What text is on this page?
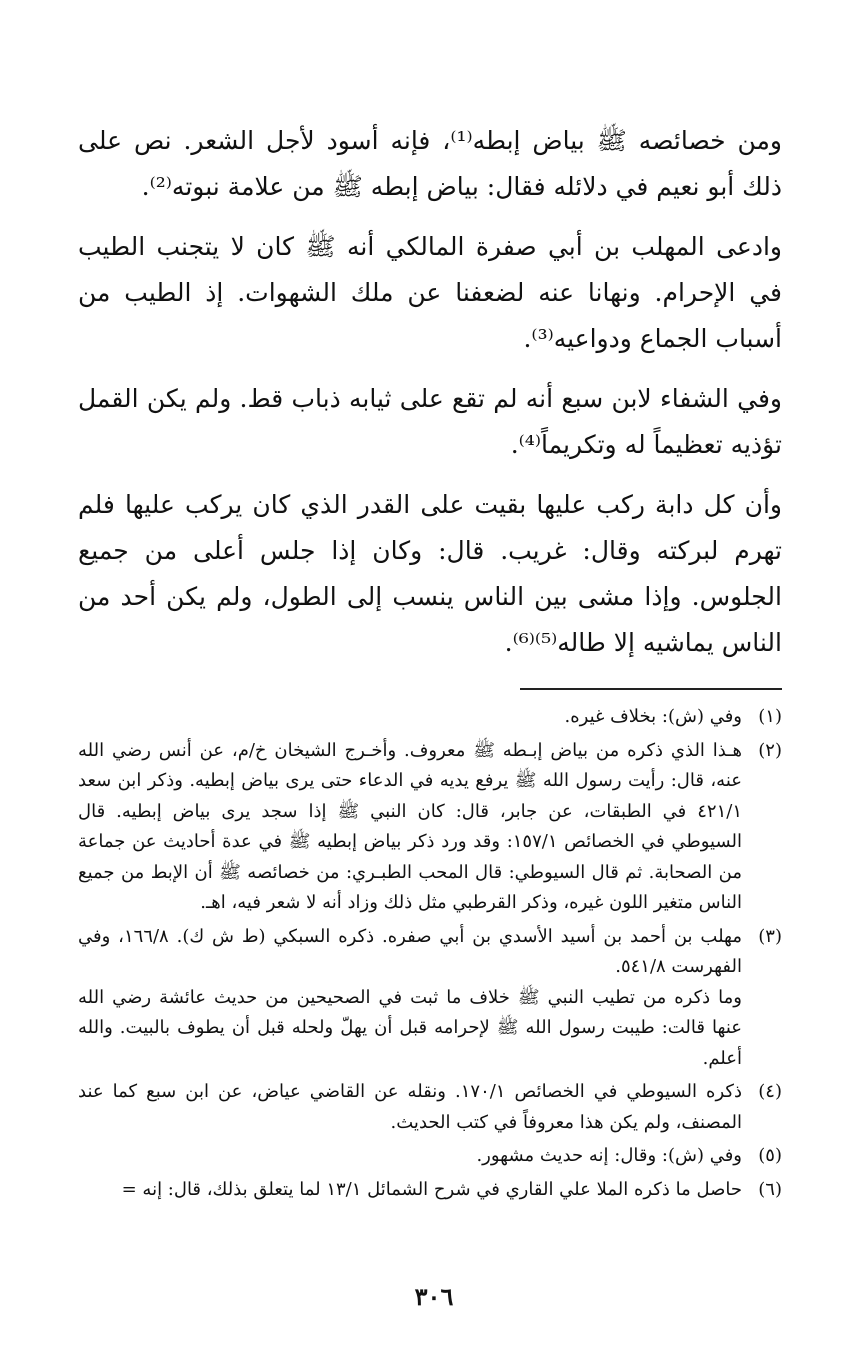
ومن خصائصه ﷺ بياض إبطه⁽¹⁾، فإنه أسود لأجل الشعر. نص على ذلك أبو نعيم في دلائله فقال: بياض إبطه ﷺ من علامة نبوته⁽²⁾.

وادعى المهلب بن أبي صفرة المالكي أنه ﷺ كان لا يتجنب الطيب في الإحرام. ونهانا عنه لضعفنا عن ملك الشهوات. إذ الطيب من أسباب الجماع ودواعيه⁽³⁾.

وفي الشفاء لابن سبع أنه لم تقع على ثيابه ذباب قط. ولم يكن القمل تؤذيه تعظيماً له وتكريماً⁽⁴⁾.

وأن كل دابة ركب عليها بقيت على القدر الذي كان يركب عليها فلم تهرم لبركته وقال: غريب. قال: وكان إذا جلس أعلى من جميع الجلوس. وإذا مشى بين الناس ينسب إلى الطول، ولم يكن أحد من الناس يماشيه إلا طاله⁽⁵⁾⁽⁶⁾.

(١)
وفي (ش): بخلاف غيره.
(٢)
هـذا الذي ذكره من بياض إبـطه ﷺ معروف. وأخـرج الشيخان خ/م، عن أنس رضي الله عنه، قال: رأيت رسول الله ﷺ يرفع يديه في الدعاء حتى يرى بياض إبطيه. وذكر ابن سعد ٤٢١/١ في الطبقات، عن جابر، قال: كان النبي ﷺ إذا سجد يرى بياض إبطيه. قال السيوطي في الخصائص ١٥٧/١: وقد ورد ذكر بياض إبطيه ﷺ في عدة أحاديث عن جماعة من الصحابة. ثم قال السيوطي: قال المحب الطبـري: من خصائصه ﷺ أن الإبط من جميع الناس متغير اللون غيره، وذكر القرطبي مثل ذلك وزاد أنه لا شعر فيه، اهـ.
(٣)
مهلب بن أحمد بن أسيد الأسدي بن أبي صفره. ذكره السبكي (ط ش ك). ١٦٦/٨، وفي الفهرست ٥٤١/٨.
وما ذكره من تطيب النبي ﷺ خلاف ما ثبت في الصحيحين من حديث عائشة رضي الله عنها قالت: طيبت رسول الله ﷺ لإحرامه قبل أن يهلّ ولحله قبل أن يطوف بالبيت. والله أعلم.
(٤)
ذكره السيوطي في الخصائص ١٧٠/١. ونقله عن القاضي عياض، عن ابن سبع كما عند المصنف، ولم يكن هذا معروفاً في كتب الحديث.
(٥)
وفي (ش): وقال: إنه حديث مشهور.
(٦)
حاصل ما ذكره الملا علي القاري في شرح الشمائل ١٣/١ لما يتعلق بذلك، قال: إنه =
٣٠٦
